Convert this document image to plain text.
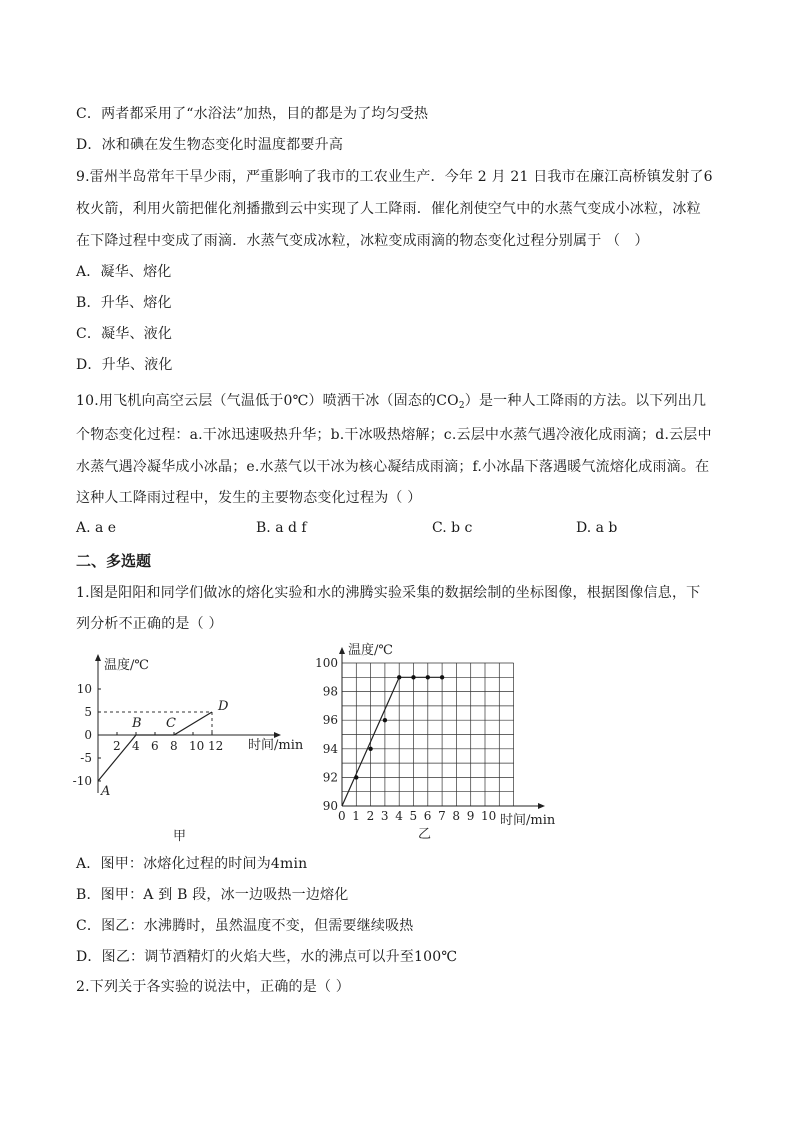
C．两者都采用了“水浴法”加热，目的都是为了均匀受热
D．冰和碘在发生物态变化时温度都要升高
9.雷州半岛常年干旱少雨，严重影响了我市的工农业生产．今年 2 月 21 日我市在廉江高桥镇发射了6
枚火箭，利用火箭把催化剂播撒到云中实现了人工降雨．催化剂使空气中的水蒸气变成小冰粒，冰粒
在下降过程中变成了雨滴．水蒸气变成冰粒，冰粒变成雨滴的物态变化过程分别属于 （　）
A．凝华、熔化
B．升华、熔化
C．凝华、液化
D．升华、液化
10.用飞机向高空云层（气温低于0℃）喷洒干冰（固态的$CO_2$）是一种人工降雨的方法。以下列出几
个物态变化过程：a.干冰迅速吸热升华；b.干冰吸热熔解；c.云层中水蒸气遇冷液化成雨滴；d.云层中
水蒸气遇冷凝华成小冰晶；e.水蒸气以干冰为核心凝结成雨滴；f.小冰晶下落遇暖气流熔化成雨滴。在
这种人工降雨过程中，发生的主要物态变化过程为（ ）
A. a e	B. a d f	C. b c	D. a b
二、多选题
1.图是阳阳和同学们做冰的熔化实验和水的沸腾实验采集的数据绘制的坐标图像，根据图像信息，下
列分析不正确的是（ ）
2 4 6 8 10 12
10
5
0
-5
-10
A
B C
D
温度/℃
时间/min
甲
0 1 2 3 4 5 6 7 8 9 10
100
98
96
94
92
90
温度/℃
时间/min
乙
A．图甲：冰熔化过程的时间为4min
B．图甲：A 到 B 段，冰一边吸热一边熔化
C．图乙：水沸腾时，虽然温度不变，但需要继续吸热
D．图乙：调节酒精灯的火焰大些，水的沸点可以升至100℃
2.下列关于各实验的说法中，正确的是（ ）
